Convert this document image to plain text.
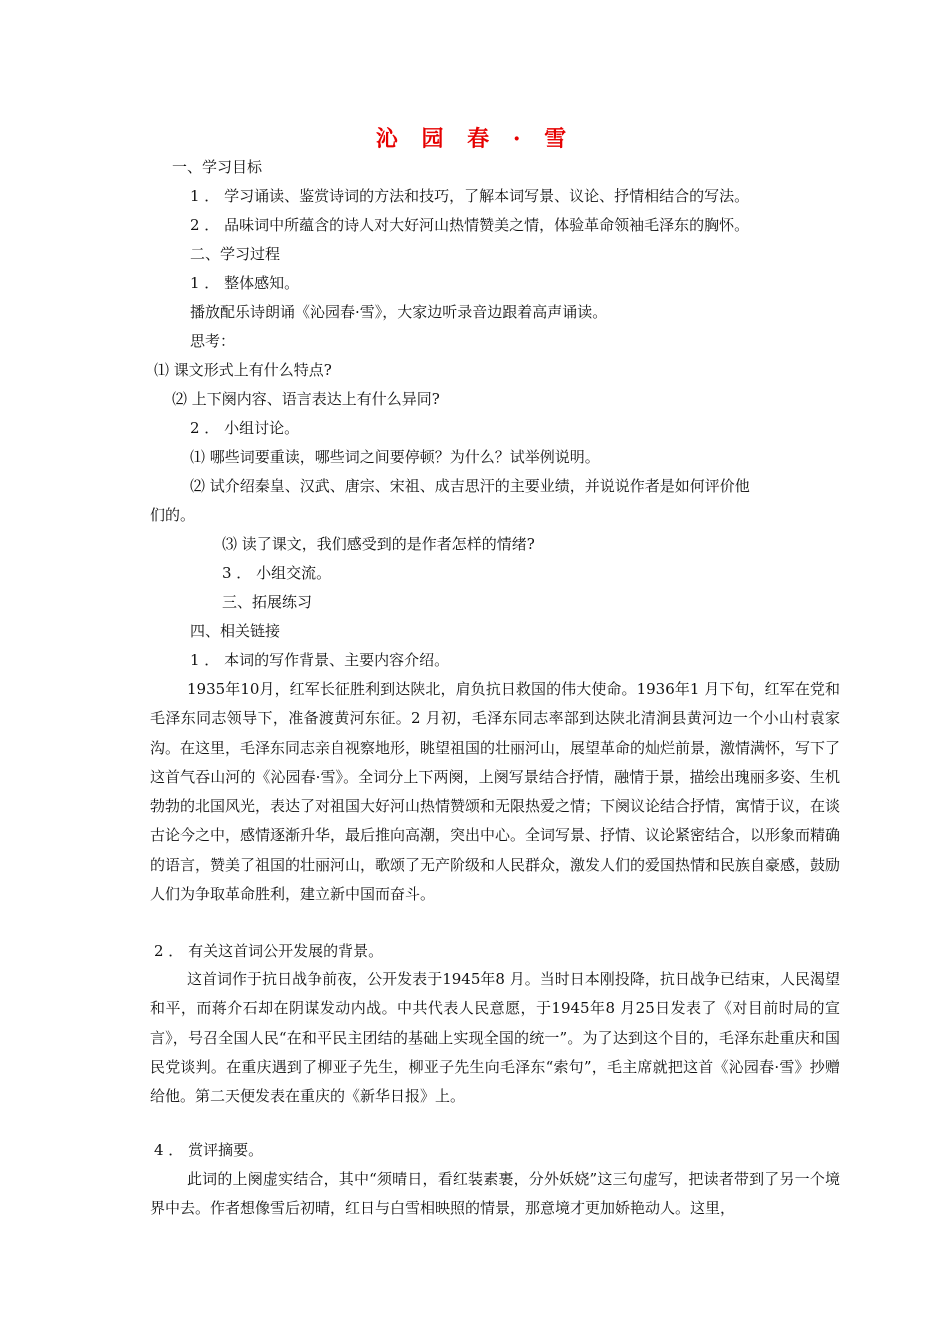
沁 园 春 · 雪
一、学习目标
1 ． 学习诵读、鉴赏诗词的方法和技巧，了解本词写景、议论、抒情相结合的写法。
2 ． 品味词中所蕴含的诗人对大好河山热情赞美之情，体验革命领袖毛泽东的胸怀。
二、学习过程
1 ． 整体感知。
播放配乐诗朗诵《沁园春·雪》，大家边听录音边跟着高声诵读。
思考：
⑴ 课文形式上有什么特点?
⑵ 上下阕内容、语言表达上有什么异同?
2 ． 小组讨论。
⑴ 哪些词要重读，哪些词之间要停顿？为什么？试举例说明。
⑵ 试介绍秦皇、汉武、唐宗、宋祖、成吉思汗的主要业绩，并说说作者是如何评价他
们的。
⑶ 读了课文，我们感受到的是作者怎样的情绪?
3 ． 小组交流。
三、拓展练习
四、相关链接
1 ． 本词的写作背景、主要内容介绍。
1935年10月，红军长征胜利到达陕北，肩负抗日救国的伟大使命。1936年1 月下旬，红军在党和毛泽东同志领导下，准备渡黄河东征。2 月初，毛泽东同志率部到达陕北清涧县黄河边一个小山村袁家沟。在这里，毛泽东同志亲自视察地形，眺望祖国的壮丽河山，展望革命的灿烂前景，激情满怀，写下了这首气吞山河的《沁园春·雪》。全词分上下两阕，上阕写景结合抒情，融情于景，描绘出瑰丽多姿、生机勃勃的北国风光，表达了对祖国大好河山热情赞颂和无限热爱之情；下阕议论结合抒情，寓情于议，在谈古论今之中，感情逐渐升华，最后推向高潮，突出中心。全词写景、抒情、议论紧密结合，以形象而精确的语言，赞美了祖国的壮丽河山，歌颂了无产阶级和人民群众，激发人们的爱国热情和民族自豪感，鼓励人们为争取革命胜利，建立新中国而奋斗。
2 ． 有关这首词公开发展的背景。
这首词作于抗日战争前夜，公开发表于1945年8 月。当时日本刚投降，抗日战争已结束，人民渴望和平，而蒋介石却在阴谋发动内战。中共代表人民意愿，于1945年8 月25日发表了《对目前时局的宣言》，号召全国人民“在和平民主团结的基础上实现全国的统一”。为了达到这个目的，毛泽东赴重庆和国民党谈判。在重庆遇到了柳亚子先生，柳亚子先生向毛泽东“索句”，毛主席就把这首《沁园春·雪》抄赠给他。第二天便发表在重庆的《新华日报》上。
4 ． 赏评摘要。
此词的上阕虚实结合，其中“须晴日，看红装素裹，分外妖娆”这三句虚写，把读者带到了另一个境界中去。作者想像雪后初晴，红日与白雪相映照的情景，那意境才更加娇艳动人。这里，
